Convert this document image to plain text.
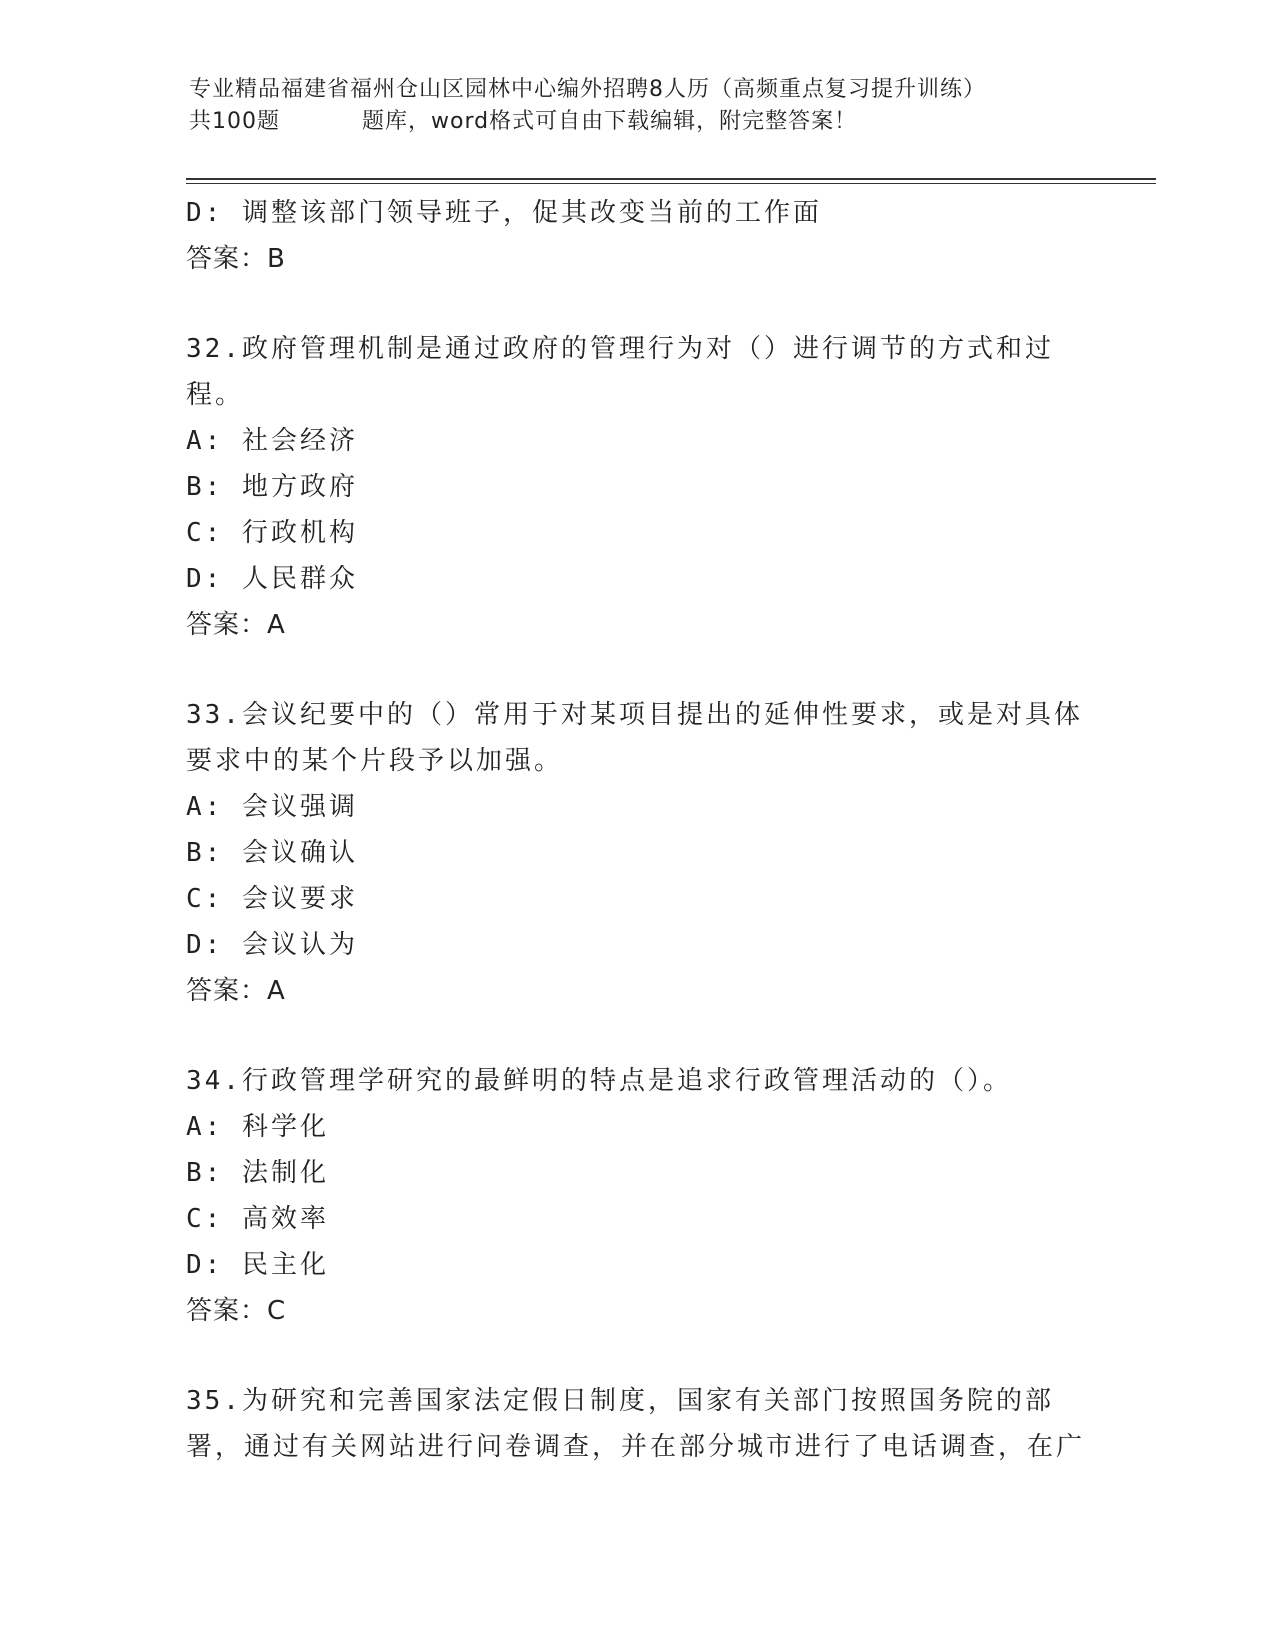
专业精品福建省福州仓山区园林中心编外招聘8人历（高频重点复习提升训练）
共100题	题库，word格式可自由下载编辑，附完整答案！
D: 调整该部门领导班子，促其改变当前的工作面
答案：B
32.政府管理机制是通过政府的管理行为对（）进行调节的方式和过程。
A: 社会经济
B: 地方政府
C: 行政机构
D: 人民群众
答案：A
33.会议纪要中的（）常用于对某项目提出的延伸性要求，或是对具体要求中的某个片段予以加强。
A: 会议强调
B: 会议确认
C: 会议要求
D: 会议认为
答案：A
34.行政管理学研究的最鲜明的特点是追求行政管理活动的（）。
A: 科学化
B: 法制化
C: 高效率
D: 民主化
答案：C
35.为研究和完善国家法定假日制度，国家有关部门按照国务院的部署，通过有关网站进行问卷调查，并在部分城市进行了电话调查，在广
